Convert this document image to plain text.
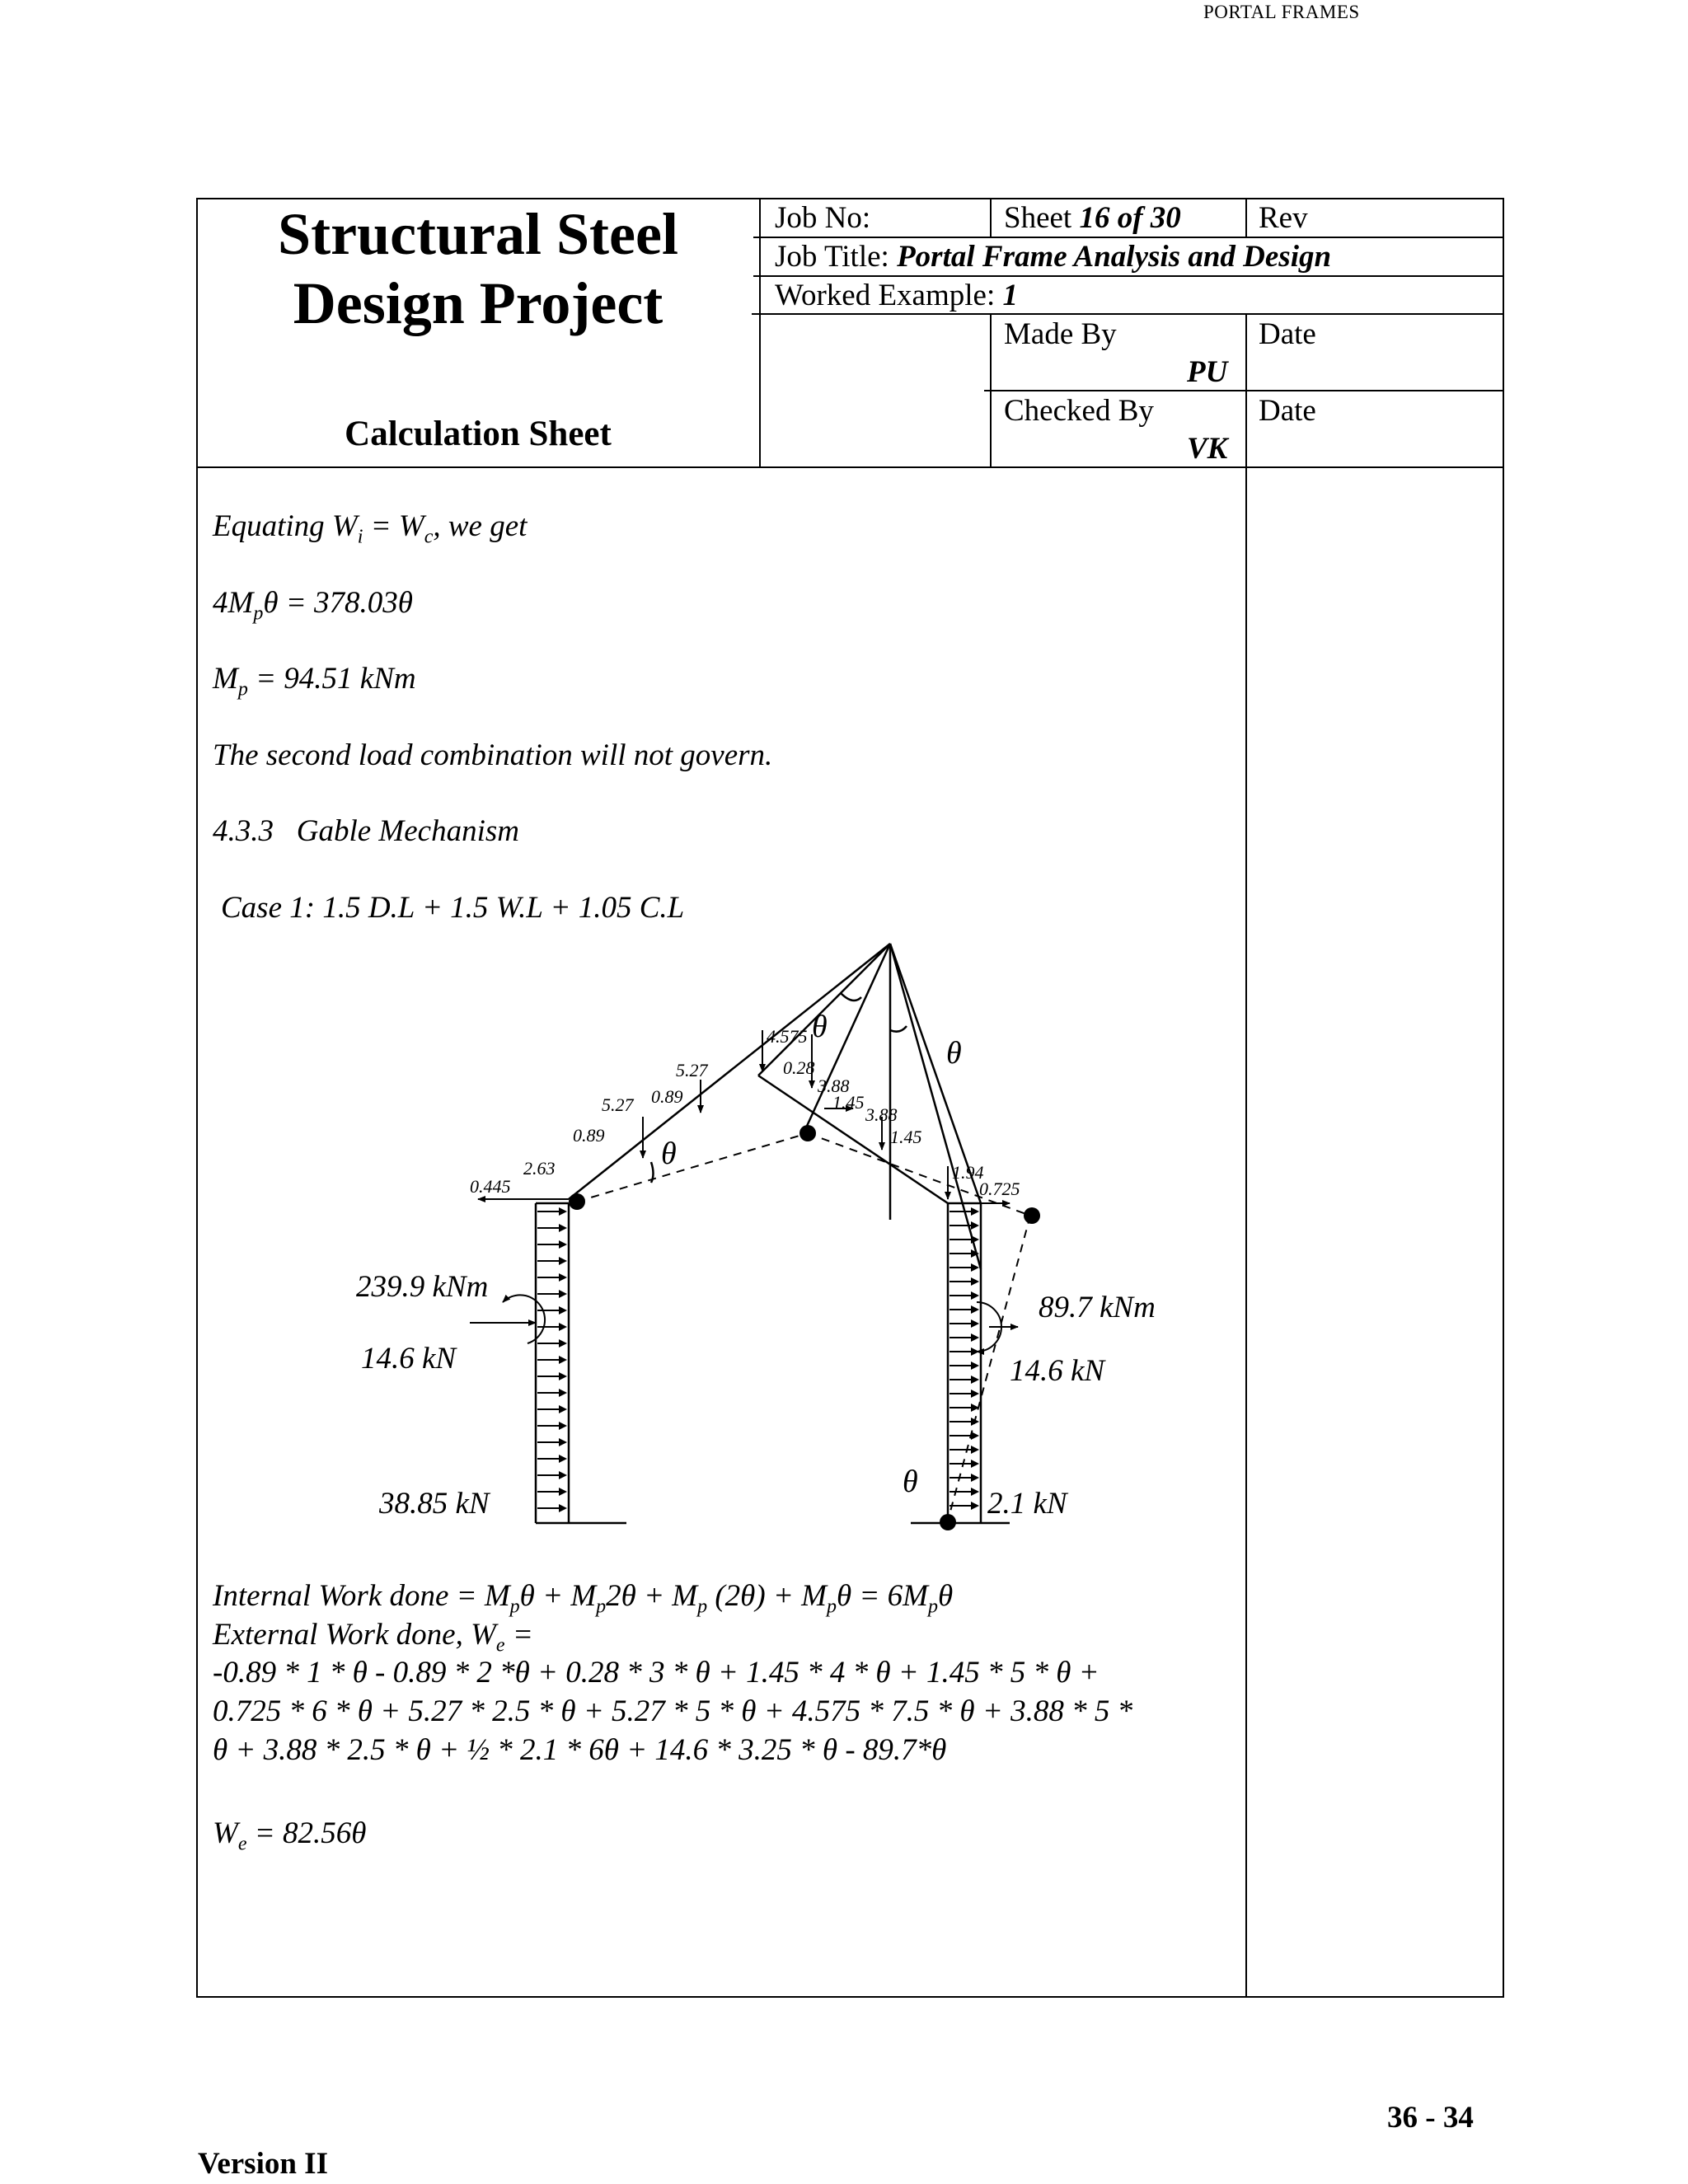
PORTAL FRAMES
Structural Steel
Design Project
Calculation Sheet
Job No:	Sheet 16 of 30	Rev
Job Title: Portal Frame Analysis and Design
Worked Example: 1
Made By
PU
Date
Checked By
VK
Date
Equating $W_i = W_c$, we get
$4M_p\theta = 378.03\theta$
$M_p = 94.51$ kNm
The second load combination will not govern.
4.3.3   Gable Mechanism
Case 1: 1.5 D.L + 1.5 W.L + 1.05 C.L
4.575
0.28
3.88
1.45
3.88
1.45
5.27
0.89
5.27
0.89
2.63
0.445
1.94
0.725
θ
θ
θ
θ
239.9 kNm
14.6 kN
38.85 kN
89.7 kNm
14.6 kN
2.1 kN
Internal Work done = $M_p\theta + M_p2\theta + M_p$ $(2\theta) + M_p\theta = 6M_p\theta$
External Work done, $W_e$ =
-0.89 * 1 * θ - 0.89 * 2 *θ + 0.28 * 3 * θ + 1.45 * 4 * θ + 1.45 * 5 * θ +
0.725 * 6 * θ + 5.27 * 2.5 * θ + 5.27 * 5 * θ + 4.575 * 7.5 * θ + 3.88 * 5 *
θ + 3.88 * 2.5 * θ + ½ * 2.1 * 6θ + 14.6 * 3.25 * θ - 89.7*θ
$W_e = 82.56\theta$
36 - 34
Version II
